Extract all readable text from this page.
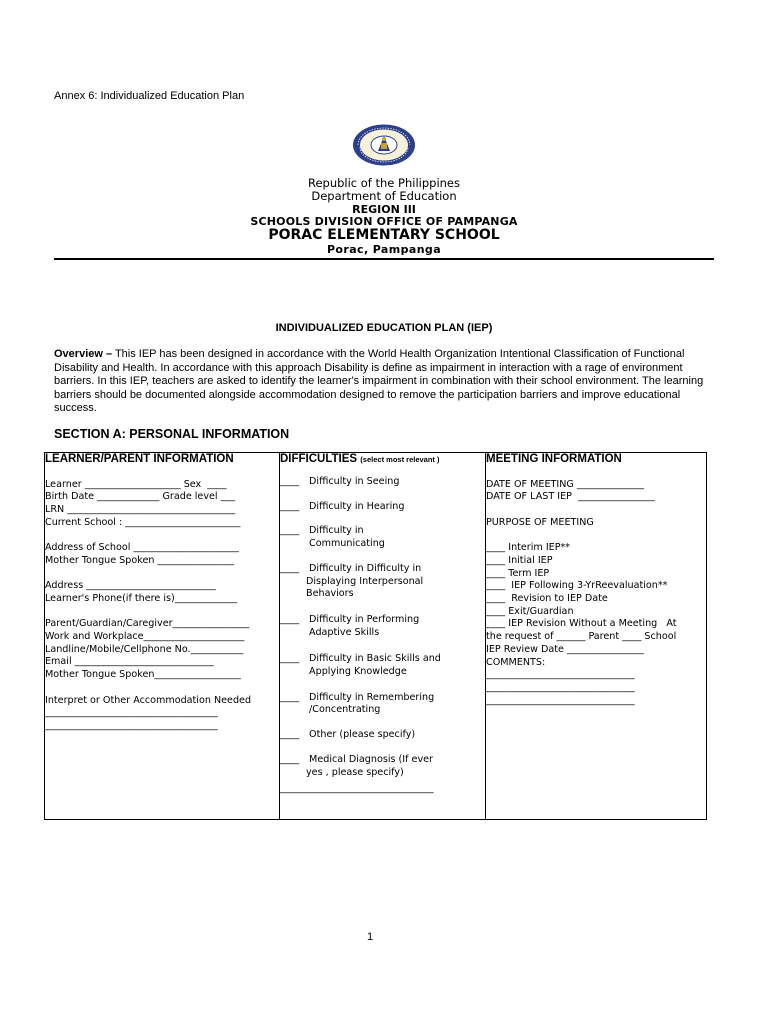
Annex 6: Individualized Education Plan
Republic of the Philippines
Department of Education
REGION III
SCHOOLS DIVISION OFFICE OF PAMPANGA
PORAC ELEMENTARY SCHOOL
Porac, Pampanga
INDIVIDUALIZED EDUCATION PLAN (IEP)
Overview – This IEP has been designed in accordance with the World Health Organization Intentional Classification of Functional Disability and Health. In accordance with this approach Disability is define as impairment in interaction with a rage of environment barriers. In this IEP, teachers are asked to identify the learner's impairment in combination with their school environment. The learning barriers should be documented alongside accommodation designed to remove the participation barriers and improve educational success.
SECTION A: PERSONAL INFORMATION
LEARNER/PARENT INFORMATION
Learner ____________________ Sex  ____
Birth Date _____________ Grade level ___
LRN ___________________________________
Current School : ________________________
Address of School ______________________
Mother Tongue Spoken ________________
Address ___________________________
Learner's Phone(if there is)_____________
Parent/Guardian/Caregiver________________
Work and Workplace_____________________
Landline/Mobile/Cellphone No.___________
Email _____________________________
Mother Tongue Spoken__________________
Interpret or Other Accommodation Needed
____________________________________
____________________________________

DIFFICULTIES (select most relevant )
____ Difficulty in Seeing
____ Difficulty in Hearing
____	Difficulty in
Communicating
____	Difficulty in Difficulty in
Displaying Interpersonal
Behaviors
____	Difficulty in Performing
Adaptive Skills
____	Difficulty in Basic Skills and
Applying Knowledge
____	Difficulty in Remembering
/Concentrating
____ Other (please specify)
____	Medical Diagnosis (If ever
yes , please specify)
________________________________

MEETING INFORMATION
DATE OF MEETING ______________
DATE OF LAST IEP  ________________
PURPOSE OF MEETING
____ Interim IEP**
____ Initial IEP
____ Term IEP
____  IEP Following 3-YrReevaluation**
____  Revision to IEP Date
____ Exit/Guardian
____ IEP Revision Without a Meeting   At
the request of ______ Parent ____ School
IEP Review Date ________________
COMMENTS:
_______________________________
_______________________________
_______________________________
1
